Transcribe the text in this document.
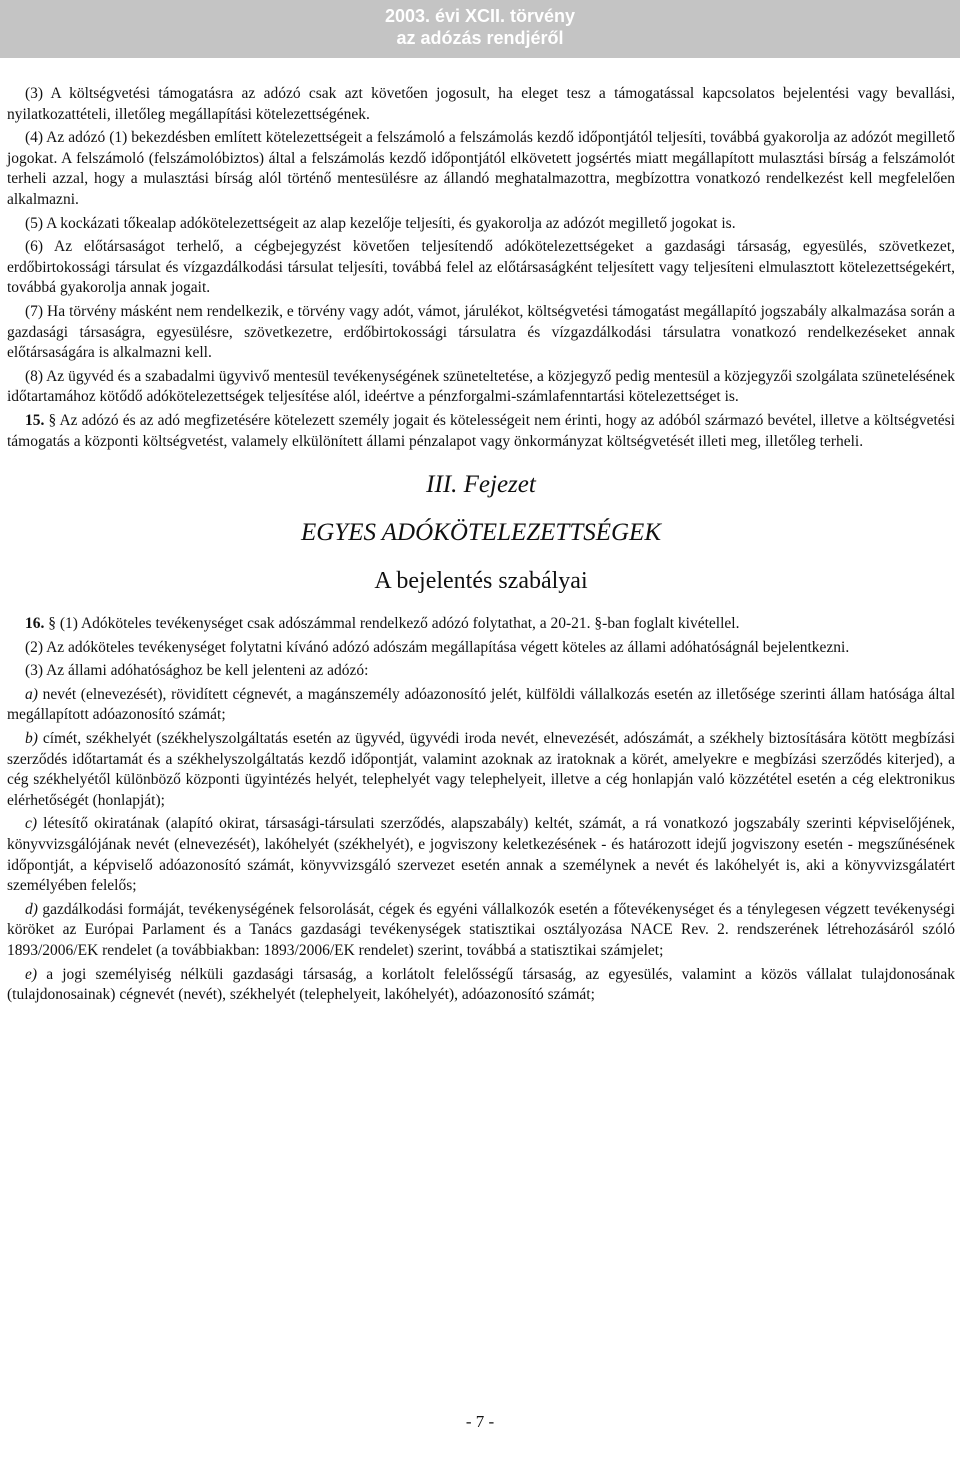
2003. évi XCII. törvény
az adózás rendjéről

(3) A költségvetési támogatásra az adózó csak azt követően jogosult, ha eleget tesz a támogatással kapcsolatos bejelentési vagy bevallási, nyilatkozattételi, illetőleg megállapítási kötelezettségének.

(4) Az adózó (1) bekezdésben említett kötelezettségeit a felszámoló a felszámolás kezdő időpontjától teljesíti, továbbá gyakorolja az adózót megillető jogokat. A felszámoló (felszámolóbiztos) által a felszámolás kezdő időpontjától elkövetett jogsértés miatt megállapított mulasztási bírság a felszámolót terheli azzal, hogy a mulasztási bírság alól történő mentesülésre az állandó meghatalmazottra, megbízottra vonatkozó rendelkezést kell megfelelően alkalmazni.

(5) A kockázati tőkealap adókötelezettségeit az alap kezelője teljesíti, és gyakorolja az adózót megillető jogokat is.

(6) Az előtársaságot terhelő, a cégbejegyzést követően teljesítendő adókötelezettségeket a gazdasági társaság, egyesülés, szövetkezet, erdőbirtokossági társulat és vízgazdálkodási társulat teljesíti, továbbá felel az előtársaságként teljesített vagy teljesíteni elmulasztott kötelezettségekért, továbbá gyakorolja annak jogait.

(7) Ha törvény másként nem rendelkezik, e törvény vagy adót, vámot, járulékot, költségvetési támogatást megállapító jogszabály alkalmazása során a gazdasági társaságra, egyesülésre, szövetkezetre, erdőbirtokossági társulatra és vízgazdálkodási társulatra vonatkozó rendelkezéseket annak előtársaságára is alkalmazni kell.

(8) Az ügyvéd és a szabadalmi ügyvivő mentesül tevékenységének szüneteltetése, a közjegyző pedig mentesül a közjegyzői szolgálata szünetelésének időtartamához kötődő adókötelezettségek teljesítése alól, ideértve a pénzforgalmi-számlafenntartási kötelezettséget is.

15. § Az adózó és az adó megfizetésére kötelezett személy jogait és kötelességeit nem érinti, hogy az adóból származó bevétel, illetve a költségvetési támogatás a központi költségvetést, valamely elkülönített állami pénzalapot vagy önkormányzat költségvetését illeti meg, illetőleg terheli.

III. Fejezet
EGYES ADÓKÖTELEZETTSÉGEK
A bejelentés szabályai

16. § (1) Adóköteles tevékenységet csak adószámmal rendelkező adózó folytathat, a 20-21. §-ban foglalt kivétellel.

(2) Az adóköteles tevékenységet folytatni kívánó adózó adószám megállapítása végett köteles az állami adóhatóságnál bejelentkezni.

(3) Az állami adóhatósághoz be kell jelenteni az adózó:

a) nevét (elnevezését), rövidített cégnevét, a magánszemély adóazonosító jelét, külföldi vállalkozás esetén az illetősége szerinti állam hatósága által megállapított adóazonosító számát;

b) címét, székhelyét (székhelyszolgáltatás esetén az ügyvéd, ügyvédi iroda nevét, elnevezését, adószámát, a székhely biztosítására kötött megbízási szerződés időtartamát és a székhelyszolgáltatás kezdő időpontját, valamint azoknak az iratoknak a körét, amelyekre e megbízási szerződés kiterjed), a cég székhelyétől különböző központi ügyintézés helyét, telephelyét vagy telephelyeit, illetve a cég honlapján való közzététel esetén a cég elektronikus elérhetőségét (honlapját);

c) létesítő okiratának (alapító okirat, társasági-társulati szerződés, alapszabály) keltét, számát, a rá vonatkozó jogszabály szerinti képviselőjének, könyvvizsgálójának nevét (elnevezését), lakóhelyét (székhelyét), e jogviszony keletkezésének - és határozott idejű jogviszony esetén - megszűnésének időpontját, a képviselő adóazonosító számát, könyvvizsgáló szervezet esetén annak a személynek a nevét és lakóhelyét is, aki a könyvvizsgálatért személyében felelős;

d) gazdálkodási formáját, tevékenységének felsorolását, cégek és egyéni vállalkozók esetén a főtevékenységet és a ténylegesen végzett tevékenységi köröket az Európai Parlament és a Tanács gazdasági tevékenységek statisztikai osztályozása NACE Rev. 2. rendszerének létrehozásáról szóló 1893/2006/EK rendelet (a továbbiakban: 1893/2006/EK rendelet) szerint, továbbá a statisztikai számjelet;

e) a jogi személyiség nélküli gazdasági társaság, a korlátolt felelősségű társaság, az egyesülés, valamint a közös vállalat tulajdonosának (tulajdonosainak) cégnevét (nevét), székhelyét (telephelyeit, lakóhelyét), adóazonosító számát;

- 7 -
